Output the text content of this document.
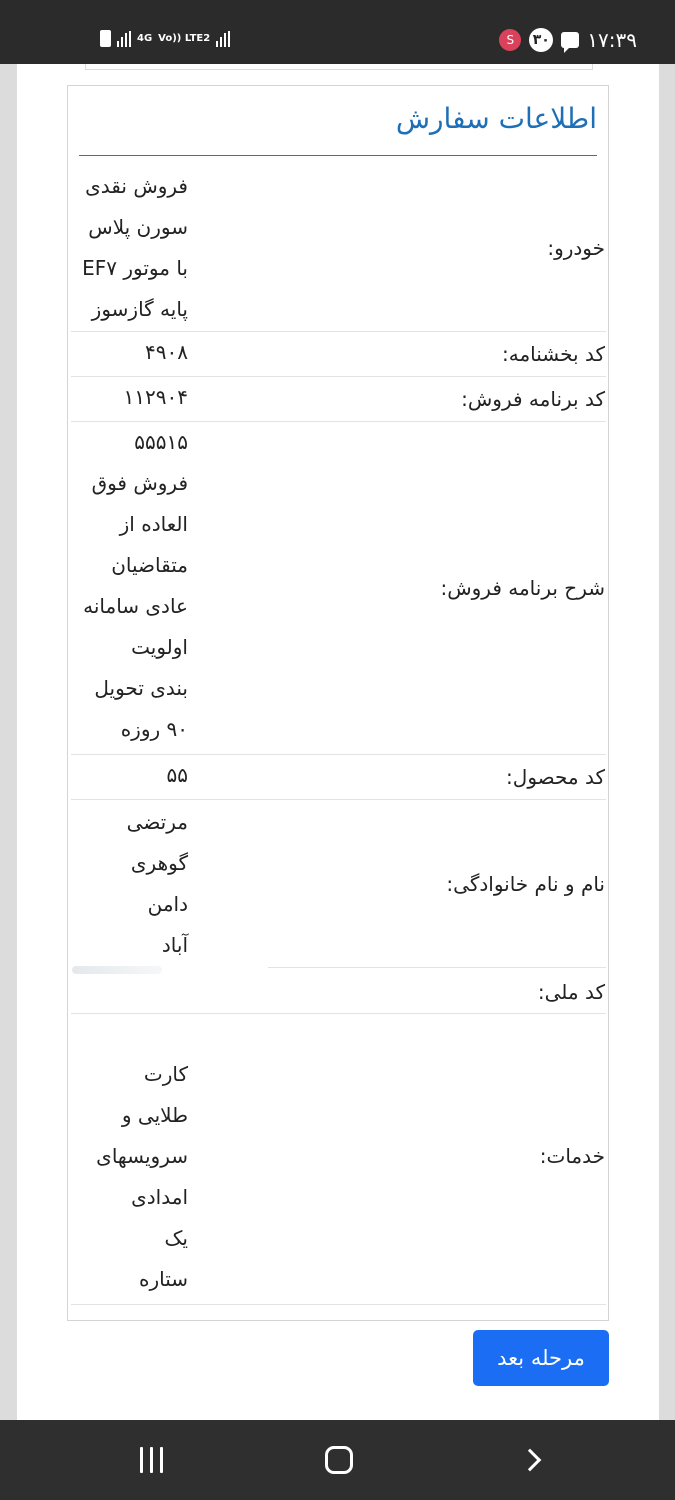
4G Vo)) LTE2	S	۳۰ ۱۷:۳۹
اطلاعات سفارش
خودرو:
فروش نقدی
سورن پلاس
با موتور EF۷
پایه گازسوز
کد بخشنامه:
۴۹۰۸
کد برنامه فروش:
۱۱۲۹۰۴
شرح برنامه فروش:
۵۵۵۱۵
فروش فوق
العاده از
متقاضیان
عادی سامانه
اولویت
بندی تحویل
۹۰ روزه
کد محصول:
۵۵
نام و نام خانوادگی:
مرتضی
گوهری
دامن
آباد
کد ملی:
خدمات:
کارت
طلایی و
سرویسهای
امدادی
یک
ستاره
مرحله بعد
